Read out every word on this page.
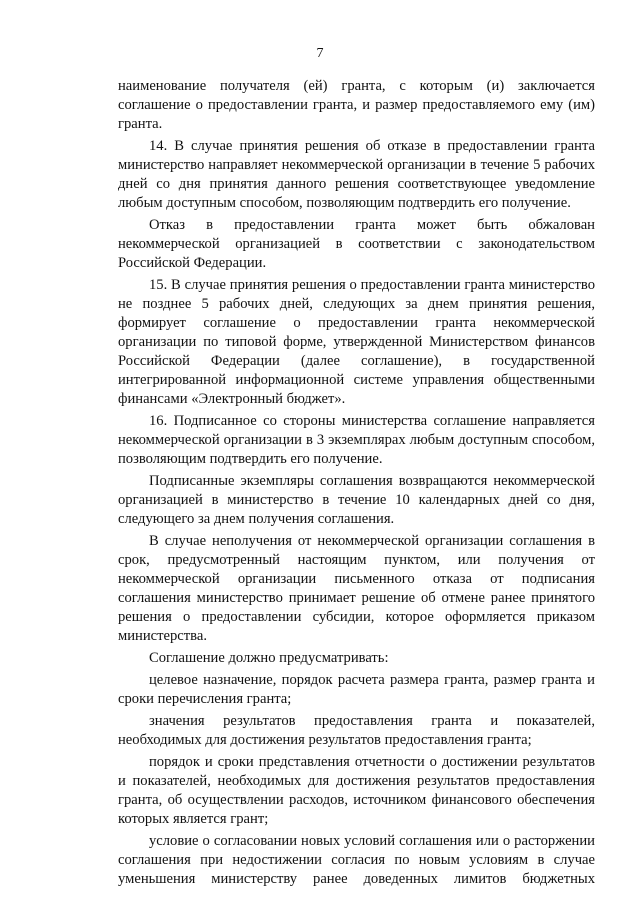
7

наименование получателя (ей) гранта, с которым (и) заключается соглашение о предоставлении гранта, и размер предоставляемого ему (им) гранта.

14. В случае принятия решения об отказе в предоставлении гранта министерство направляет некоммерческой организации в течение 5 рабочих дней со дня принятия данного решения соответствующее уведомление любым доступным способом, позволяющим подтвердить его получение.

Отказ в предоставлении гранта может быть обжалован некоммерческой организацией в соответствии с законодательством Российской Федерации.

15. В случае принятия решения о предоставлении гранта министерство не позднее 5 рабочих дней, следующих за днем принятия решения, формирует соглашение о предоставлении гранта некоммерческой организации по типовой форме, утвержденной Министерством финансов Российской Федерации (далее соглашение), в государственной интегрированной информационной системе управления общественными финансами «Электронный бюджет».

16. Подписанное со стороны министерства соглашение направляется некоммерческой организации в 3 экземплярах любым доступным способом, позволяющим подтвердить его получение.

Подписанные экземпляры соглашения возвращаются некоммерческой организацией в министерство в течение 10 календарных дней со дня, следующего за днем получения соглашения.

В случае неполучения от некоммерческой организации соглашения в срок, предусмотренный настоящим пунктом, или получения от некоммерческой организации письменного отказа от подписания соглашения министерство принимает решение об отмене ранее принятого решения о предоставлении субсидии, которое оформляется приказом министерства.

Соглашение должно предусматривать:

целевое назначение, порядок расчета размера гранта, размер гранта и сроки перечисления гранта;

значения результатов предоставления гранта и показателей, необходимых для достижения результатов предоставления гранта;

порядок и сроки представления отчетности о достижении результатов и показателей, необходимых для достижения результатов предоставления гранта, об осуществлении расходов, источником финансового обеспечения которых является грант;

условие о согласовании новых условий соглашения или о расторжении соглашения при недостижении согласия по новым условиям в случае уменьшения министерству ранее доведенных лимитов бюджетных
